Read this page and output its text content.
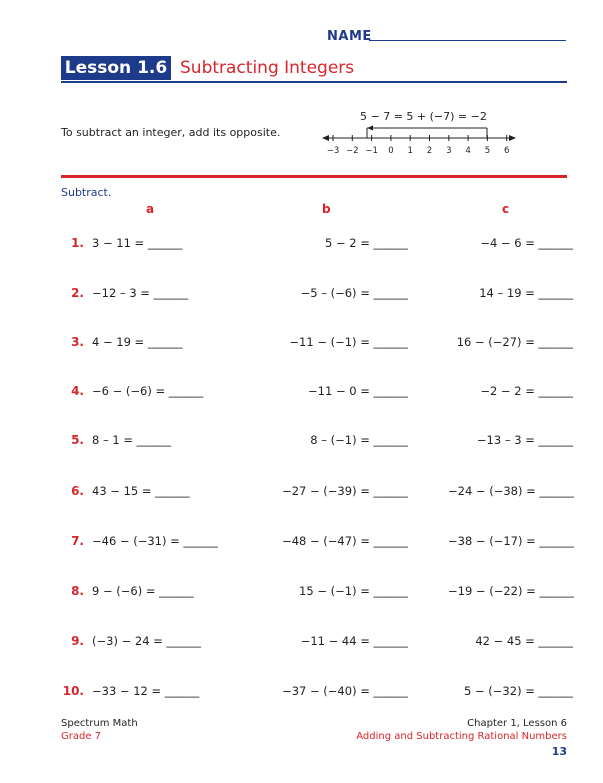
NAME
Lesson 1.6 Subtracting Integers
To subtract an integer, add its opposite.
5 − 7 = 5 + (−7) = −2
−3 −2 −1 0 1 2 3 4 5 6
Subtract.
a	b	c
1. 3 − 11 = ______	5 − 2 = ______	−4 − 6 = ______
2. −12 – 3 = ______	−5 – (−6) = ______	14 – 19 = ______
3. 4 − 19 = ______	−11 − (−1) = ______	16 − (−27) = ______
4. −6 − (−6) = ______	−11 − 0 = ______	−2 − 2 = ______
5. 8 – 1 = ______	8 – (−1) = ______	−13 – 3 = ______
6. 43 − 15 = ______	−27 − (−39) = ______	−24 − (−38) = ______
7. −46 − (−31) = ______	−48 − (−47) = ______	−38 − (−17) = ______
8. 9 − (−6) = ______	15 − (−1) = ______	−19 − (−22) = ______
9. (−3) − 24 = ______	−11 − 44 = ______	42 − 45 = ______
10. −33 − 12 = ______	−37 − (−40) = ______	5 − (−32) = ______
Spectrum Math
Grade 7
Chapter 1, Lesson 6
Adding and Subtracting Rational Numbers
13
